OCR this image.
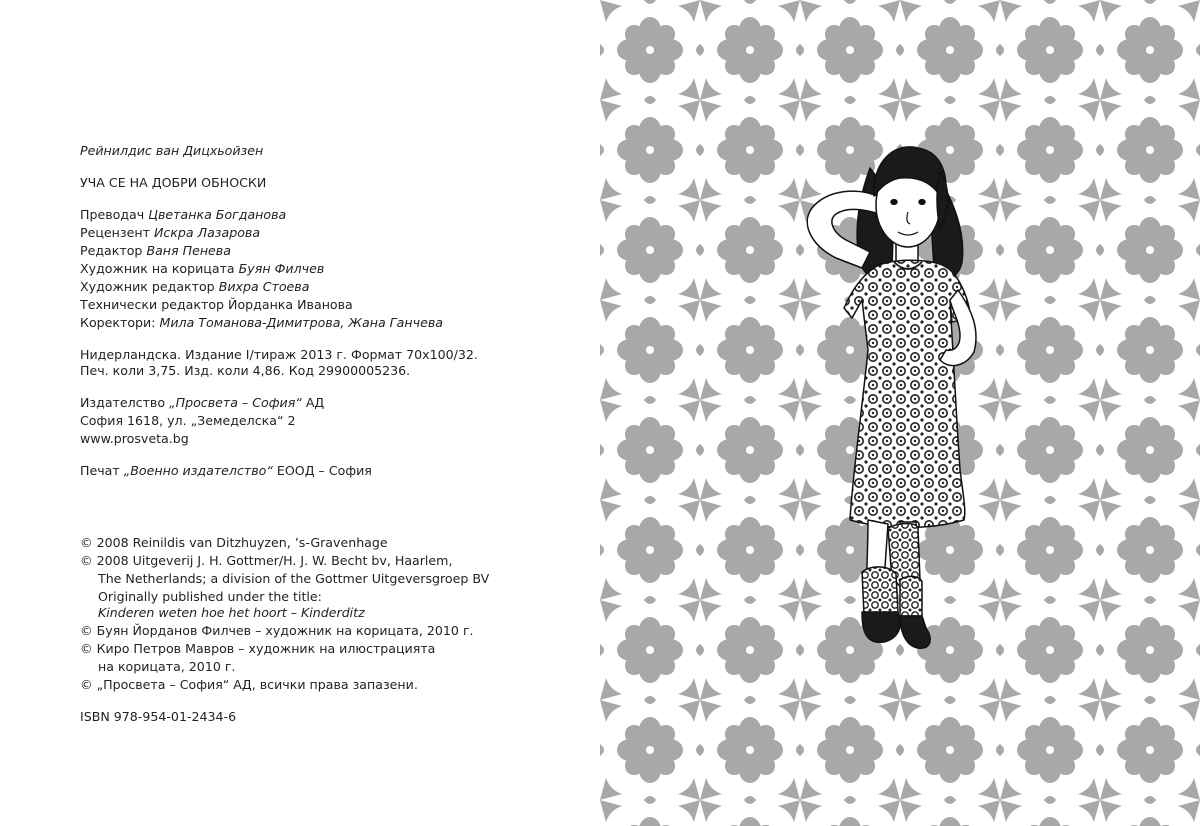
Рейнилдис ван Дицхьойзен

УЧА СЕ НА ДОБРИ ОБНОСКИ

Преводач Цветанка Богданова

Рецензент Искра Лазарова

Редактор Ваня Пенева

Художник на корицата Буян Филчев

Художник редактор Вихра Стоева

Технически редактор Йорданка Иванова

Коректори: Мила Томанова-Димитрова, Жана Ганчева

Нидерландска. Издание I/тираж 2013 г. Формат 70х100/32.

Печ. коли 3,75. Изд. коли 4,86. Код 29900005236.

Издателство „Просвета – София“ АД

София 1618, ул. „Земеделска“ 2

www.prosveta.bg

Печат „Военно издателство“ ЕООД – София

© 2008 Reinildis van Ditzhuyzen, ’s-Gravenhage

© 2008 Uitgeverij J. H. Gottmer/H. J. W. Becht bv, Haarlem,

The Netherlands; a division of the Gottmer Uitgeversgroep BV

Originally published under the title:

Kinderen weten hoe het hoort – Kinderditz

© Буян Йорданов Филчев – художник на корицата, 2010 г.

© Киро Петров Мавров – художник на илюстрацията

на корицата, 2010 г.

© „Просвета – София“ АД, всички права запазени.

ISBN 978-954-01-2434-6
